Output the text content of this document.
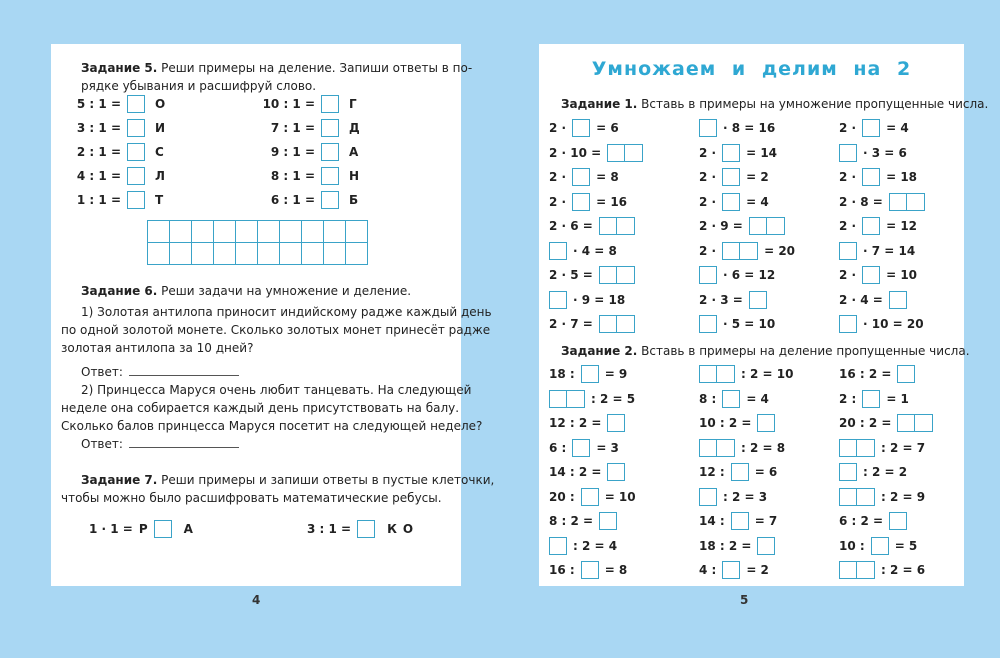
Задание 5. Реши примеры на деление. Запиши ответы в по-
рядке убывания и расшифруй слово.
5 : 1 =	О
3 : 1 =	И
2 : 1 =	С
4 : 1 =	Л
1 : 1 =	Т
10 : 1 =	Г
7 : 1 =	Д
9 : 1 =	А
8 : 1 =	Н
6 : 1 =	Б
Задание 6. Реши задачи на умножение и деление.
1) Золотая антилопа приносит индийскому радже каждый день
по одной золотой монете. Сколько золотых монет принесёт радже
золотая антилопа за 10 дней?
Ответ:
2) Принцесса Маруся очень любит танцевать. На следующей
неделе она собирается каждый день присутствовать на балу.
Сколько балов принцесса Маруся посетит на следующей неделе?
Ответ:
Задание 7. Реши примеры и запиши ответы в пустые клеточки,
чтобы можно было расшифровать математические ребусы.
1 · 1 = Р	А	3 : 1 =	К О
4
Умножаем и делим на 2
Задание 1. Вставь в примеры на умножение пропущенные числа.
2 ·	= 6
2 · 10 =
2 ·	= 8
2 ·	= 16
2 · 6 =
· 4 = 8
2 · 5 =
· 9 = 18
2 · 7 =
· 8 = 16
2 ·	= 14
2 ·	= 2
2 ·	= 4
2 · 9 =
2 ·	= 20
· 6 = 12
2 · 3 =
· 5 = 10
2 ·	= 4
· 3 = 6
2 ·	= 18
2 · 8 =
2 ·	= 12
· 7 = 14
2 ·	= 10
2 · 4 =
· 10 = 20
Задание 2. Вставь в примеры на деление пропущенные числа.
18 :	= 9
: 2 = 5
12 : 2 =
6 :	= 3
14 : 2 =
20 :	= 10
8 : 2 =
: 2 = 4
16 :	= 8
: 2 = 10
8 :	= 4
10 : 2 =
: 2 = 8
12 :	= 6
: 2 = 3
14 :	= 7
18 : 2 =
4 :	= 2
16 : 2 =
2 :	= 1
20 : 2 =
: 2 = 7
: 2 = 2
: 2 = 9
6 : 2 =
10 :	= 5
: 2 = 6
5
